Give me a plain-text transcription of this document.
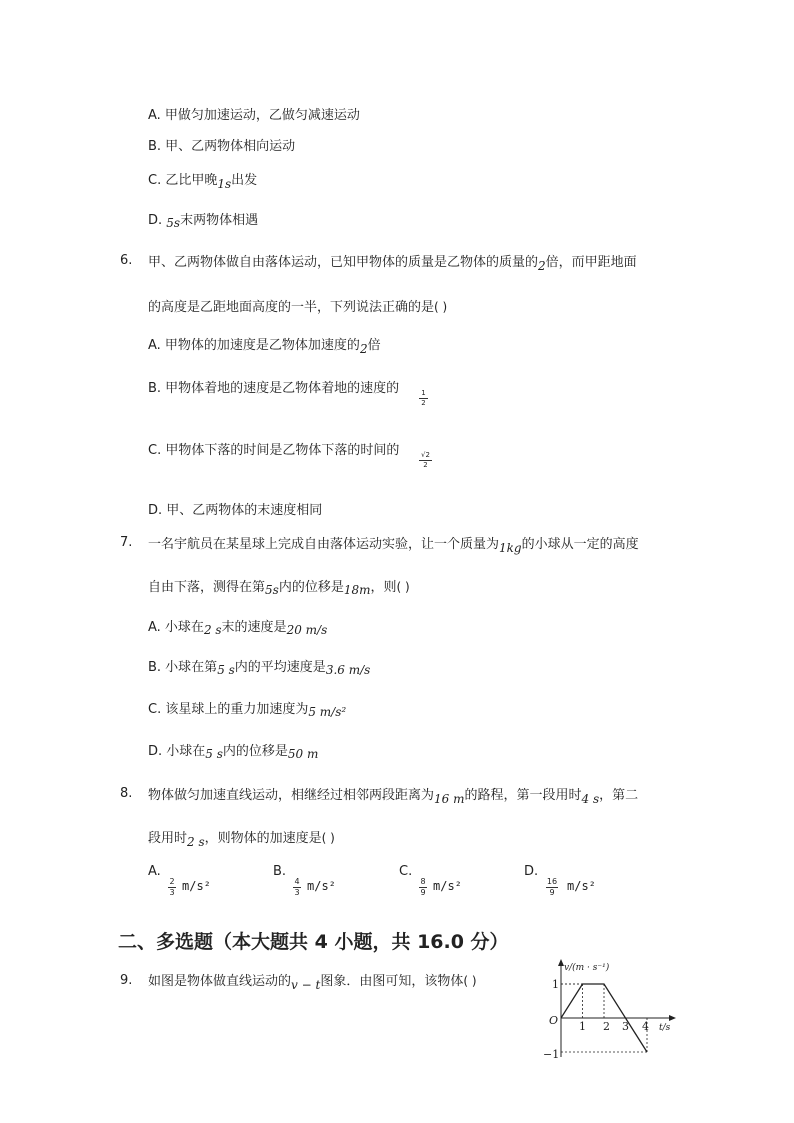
A. 甲做匀加速运动，乙做匀减速运动
B. 甲、乙两物体相向运动
C. 乙比甲晚1s出发
D. 5s末两物体相遇
6. 甲、乙两物体做自由落体运动，已知甲物体的质量是乙物体的质量的2倍，而甲距地面
的高度是乙距地面高度的一半，下列说法正确的是( )
A. 甲物体的加速度是乙物体加速度的2倍
B. 甲物体着地的速度是乙物体着地的速度的	1
2
C. 甲物体下落的时间是乙物体下落的时间的	√2
2
D. 甲、乙两物体的末速度相同
7. 一名宇航员在某星球上完成自由落体运动实验，让一个质量为1kg的小球从一定的高度
自由下落，测得在第5s内的位移是18m，则( )
A. 小球在2 s末的速度是20 m/s
B. 小球在第5 s内的平均速度是3.6 m/s
C. 该星球上的重力加速度为5 m/s²
D. 小球在5 s内的位移是50 m
8. 物体做匀加速直线运动，相继经过相邻两段距离为16 m的路程，第一段用时4 s，第二
段用时2 s，则物体的加速度是( )
A.
2
3 m/s²
B.
4
3 m/s²
C.
8
9 m/s²
D.
16
9 m/s²
二、多选题（本大题共 4 小题，共 16.0 分）
9. 如图是物体做直线运动的v − t图象．由图可知，该物体( )
v/(m · s⁻¹)
t/s
O
1
−1
1 2 3 4
